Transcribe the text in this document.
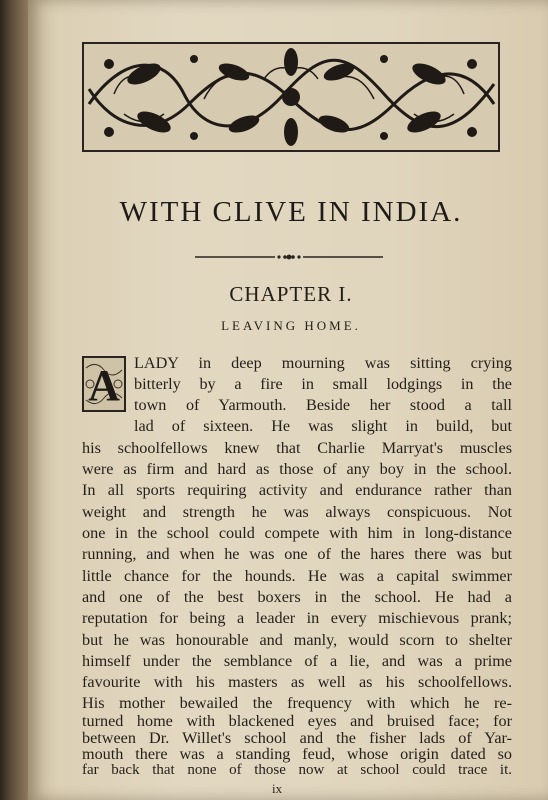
WITH CLIVE IN INDIA.
CHAPTER I.
LEAVING HOME.
A LADY in deep mourning was sitting crying
bitterly by a fire in small lodgings in the
town of Yarmouth. Beside her stood a tall
lad of sixteen. He was slight in build, but
his schoolfellows knew that Charlie Marryat's muscles
were as firm and hard as those of any boy in the school.
In all sports requiring activity and endurance rather than
weight and strength he was always conspicuous. Not
one in the school could compete with him in long-distance
running, and when he was one of the hares there was but
little chance for the hounds. He was a capital swimmer
and one of the best boxers in the school. He had a
reputation for being a leader in every mischievous prank;
but he was honourable and manly, would scorn to shelter
himself under the semblance of a lie, and was a prime
favourite with his masters as well as his schoolfellows.
His mother bewailed the frequency with which he re-
turned home with blackened eyes and bruised face; for
between Dr. Willet's school and the fisher lads of Yar-
mouth there was a standing feud, whose origin dated so
far back that none of those now at school could trace it.
ix
